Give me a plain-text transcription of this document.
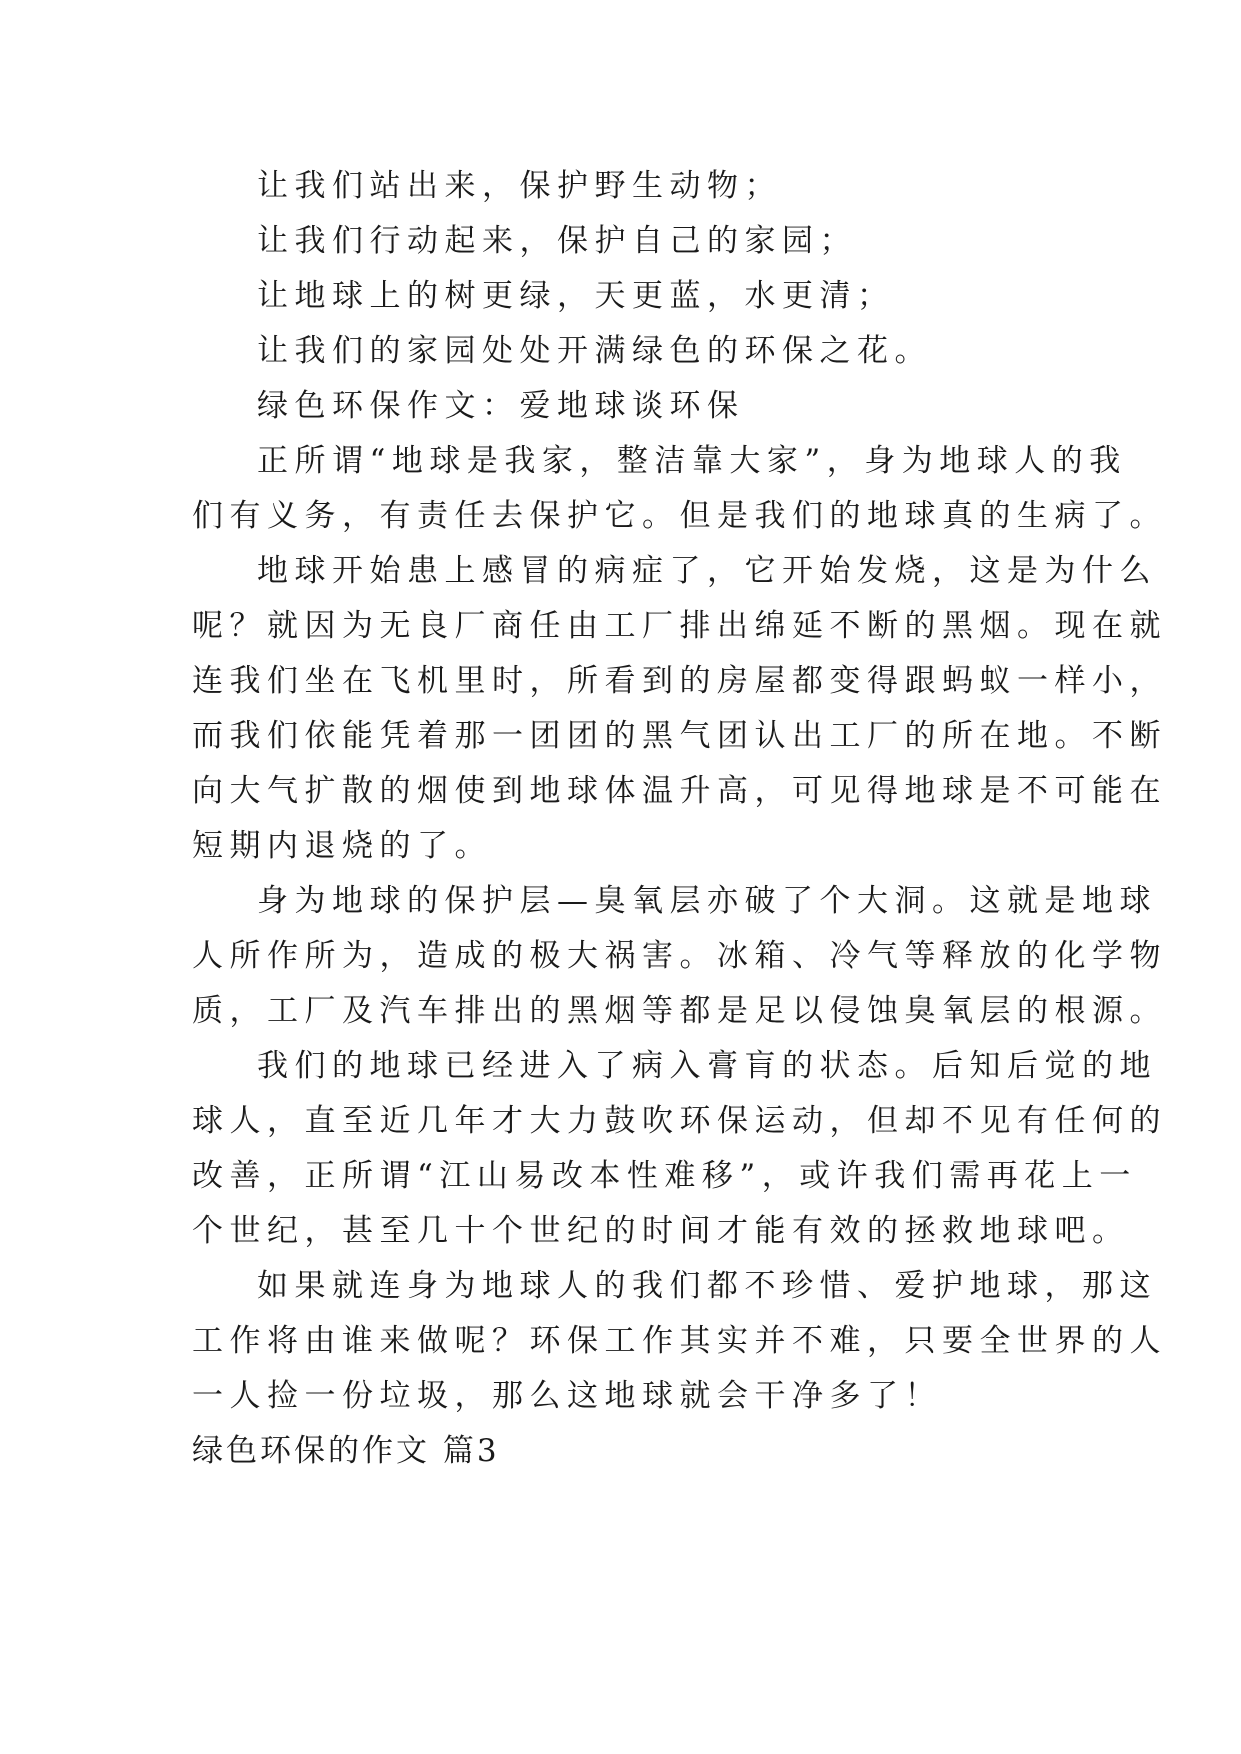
让我们站出来，保护野生动物；
让我们行动起来，保护自己的家园；
让地球上的树更绿，天更蓝，水更清；
让我们的家园处处开满绿色的环保之花。
绿色环保作文：爱地球谈环保
正所谓“地球是我家，整洁靠大家”，身为地球人的我
们有义务，有责任去保护它。但是我们的地球真的生病了。
地球开始患上感冒的病症了，它开始发烧，这是为什么
呢？就因为无良厂商任由工厂排出绵延不断的黑烟。现在就
连我们坐在飞机里时，所看到的房屋都变得跟蚂蚁一样小，
而我们依能凭着那一团团的黑气团认出工厂的所在地。不断
向大气扩散的烟使到地球体温升高，可见得地球是不可能在
短期内退烧的了。
身为地球的保护层—臭氧层亦破了个大洞。这就是地球
人所作所为，造成的极大祸害。冰箱、冷气等释放的化学物
质，工厂及汽车排出的黑烟等都是足以侵蚀臭氧层的根源。
我们的地球已经进入了病入膏肓的状态。后知后觉的地
球人，直至近几年才大力鼓吹环保运动，但却不见有任何的
改善，正所谓“江山易改本性难移”，或许我们需再花上一
个世纪，甚至几十个世纪的时间才能有效的拯救地球吧。
如果就连身为地球人的我们都不珍惜、爱护地球，那这
工作将由谁来做呢？环保工作其实并不难，只要全世界的人
一人捡一份垃圾，那么这地球就会干净多了！
绿色环保的作文 篇3
